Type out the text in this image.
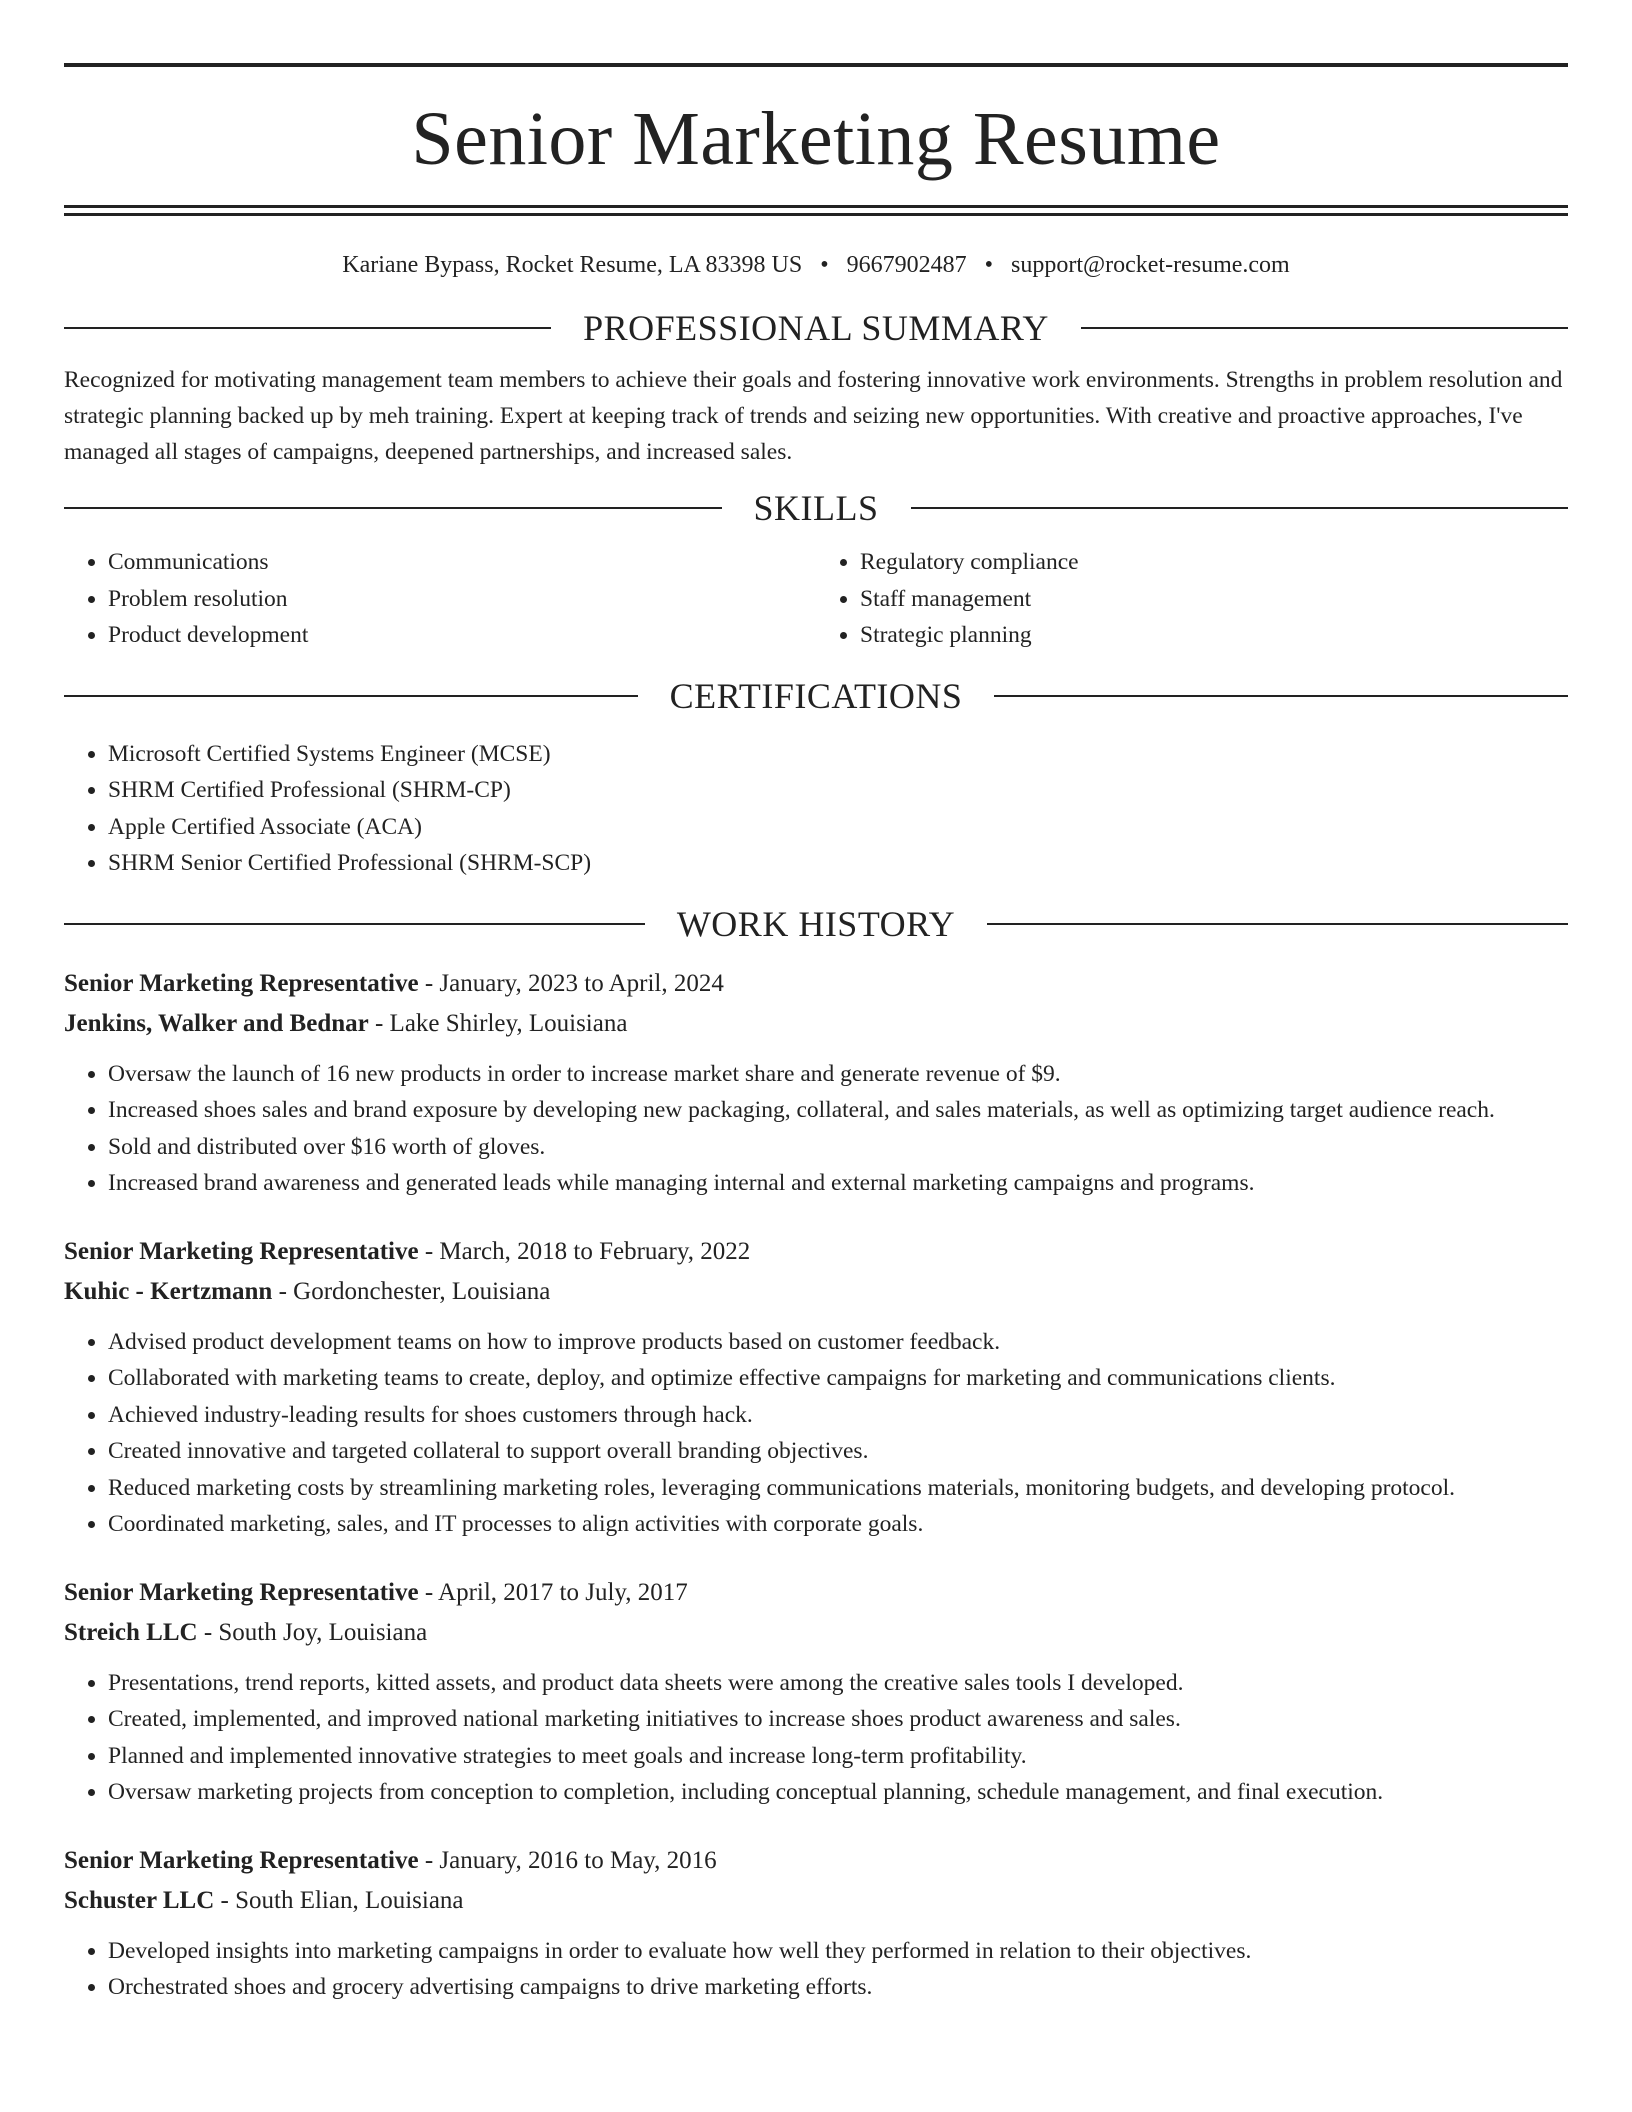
Senior Marketing Resume
Kariane Bypass, Rocket Resume, LA 83398 US • 9667902487 • support@rocket-resume.com
PROFESSIONAL SUMMARY

Recognized for motivating management team members to achieve their goals and fostering innovative work environments. Strengths in problem resolution and strategic planning backed up by meh training. Expert at keeping track of trends and seizing new opportunities. With creative and proactive approaches, I've managed all stages of campaigns, deepened partnerships, and increased sales.

SKILLS
• Communications
• Problem resolution
• Product development
• Regulatory compliance
• Staff management
• Strategic planning
CERTIFICATIONS
• Microsoft Certified Systems Engineer (MCSE)
• SHRM Certified Professional (SHRM-CP)
• Apple Certified Associate (ACA)
• SHRM Senior Certified Professional (SHRM-SCP)
WORK HISTORY
Senior Marketing Representative - January, 2023 to April, 2024
Jenkins, Walker and Bednar - Lake Shirley, Louisiana
• Oversaw the launch of 16 new products in order to increase market share and generate revenue of $9.
• Increased shoes sales and brand exposure by developing new packaging, collateral, and sales materials, as well as optimizing target audience reach.
• Sold and distributed over $16 worth of gloves.
• Increased brand awareness and generated leads while managing internal and external marketing campaigns and programs.
Senior Marketing Representative - March, 2018 to February, 2022
Kuhic - Kertzmann - Gordonchester, Louisiana
• Advised product development teams on how to improve products based on customer feedback.
• Collaborated with marketing teams to create, deploy, and optimize effective campaigns for marketing and communications clients.
• Achieved industry-leading results for shoes customers through hack.
• Created innovative and targeted collateral to support overall branding objectives.
• Reduced marketing costs by streamlining marketing roles, leveraging communications materials, monitoring budgets, and developing protocol.
• Coordinated marketing, sales, and IT processes to align activities with corporate goals.
Senior Marketing Representative - April, 2017 to July, 2017
Streich LLC - South Joy, Louisiana
• Presentations, trend reports, kitted assets, and product data sheets were among the creative sales tools I developed.
• Created, implemented, and improved national marketing initiatives to increase shoes product awareness and sales.
• Planned and implemented innovative strategies to meet goals and increase long-term profitability.
• Oversaw marketing projects from conception to completion, including conceptual planning, schedule management, and final execution.
Senior Marketing Representative - January, 2016 to May, 2016
Schuster LLC - South Elian, Louisiana
• Developed insights into marketing campaigns in order to evaluate how well they performed in relation to their objectives.
• Orchestrated shoes and grocery advertising campaigns to drive marketing efforts.
